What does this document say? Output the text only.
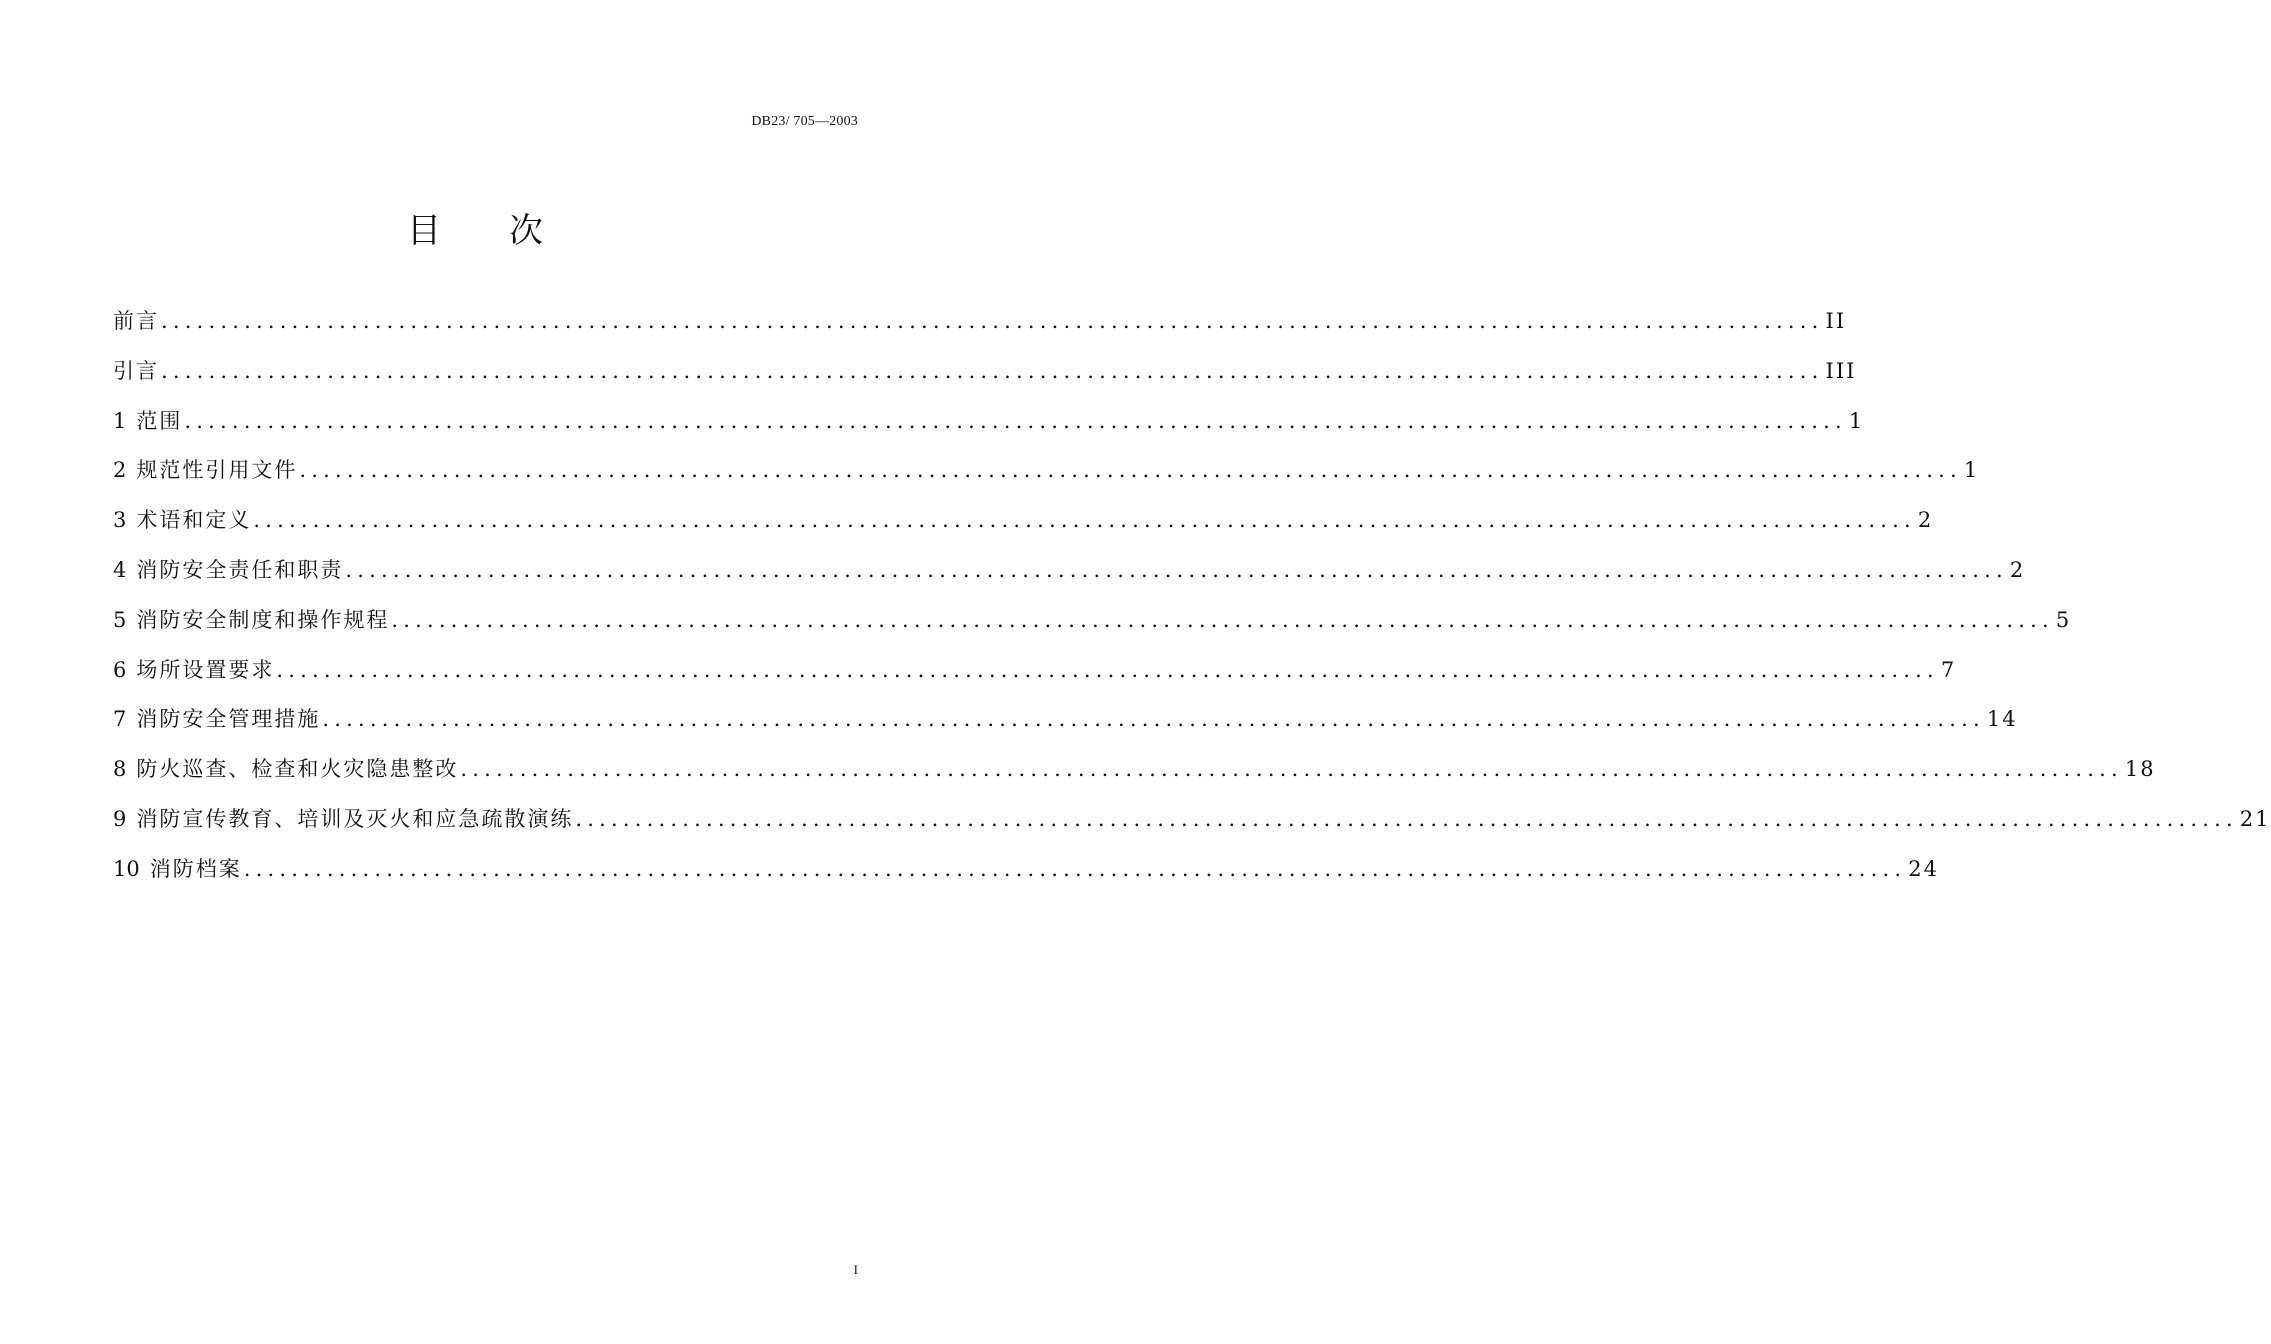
DB23/ 705—2003
目 次
前言 ............................................................................................................................................ II
引言 ............................................................................................................................................ III
1 范围 ............................................................................................................................................ 1
2 规范性引用文件 ............................................................................................................................................ 1
3 术语和定义 ............................................................................................................................................ 2
4 消防安全责任和职责 ............................................................................................................................................ 2
5 消防安全制度和操作规程 ............................................................................................................................................ 5
6 场所设置要求 ............................................................................................................................................ 7
7 消防安全管理措施 ............................................................................................................................................ 14
8 防火巡查、检查和火灾隐患整改 ............................................................................................................................................ 18
9 消防宣传教育、培训及灭火和应急疏散演练 ............................................................................................................................................ 21
10 消防档案 ............................................................................................................................................ 24
I
